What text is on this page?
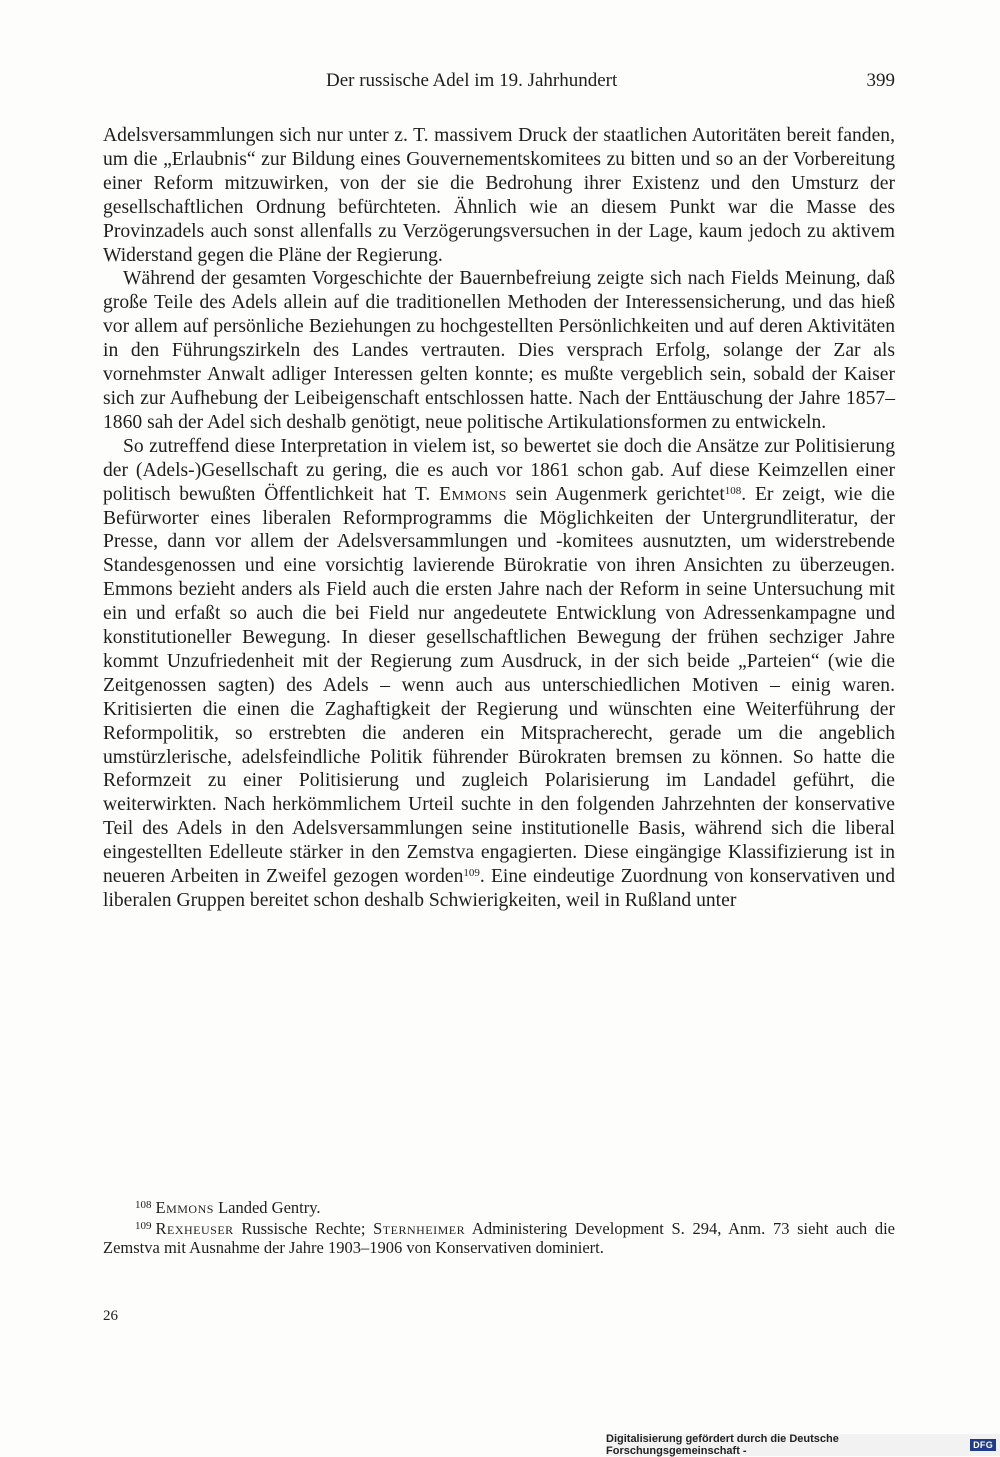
Der russische Adel im 19. Jahrhundert	399

Adelsversammlungen sich nur unter z. T. massivem Druck der staatlichen Autoritäten bereit fanden, um die „Erlaubnis“ zur Bildung eines Gouvernementskomitees zu bitten und so an der Vorbereitung einer Reform mitzuwirken, von der sie die Bedrohung ihrer Existenz und den Umsturz der gesellschaftlichen Ordnung befürchteten. Ähnlich wie an diesem Punkt war die Masse des Provinzadels auch sonst allenfalls zu Verzögerungsversuchen in der Lage, kaum jedoch zu aktivem Widerstand gegen die Pläne der Regierung.

Während der gesamten Vorgeschichte der Bauernbefreiung zeigte sich nach Fields Meinung, daß große Teile des Adels allein auf die traditionellen Methoden der Interessensicherung, und das hieß vor allem auf persönliche Beziehungen zu hochgestellten Persönlichkeiten und auf deren Aktivitäten in den Führungszirkeln des Landes vertrauten. Dies versprach Erfolg, solange der Zar als vornehmster Anwalt adliger Interessen gelten konnte; es mußte vergeblich sein, sobald der Kaiser sich zur Aufhebung der Leibeigenschaft entschlossen hatte. Nach der Enttäuschung der Jahre 1857–1860 sah der Adel sich deshalb genötigt, neue politische Artikulationsformen zu entwickeln.

So zutreffend diese Interpretation in vielem ist, so bewertet sie doch die Ansätze zur Politisierung der (Adels-)Gesellschaft zu gering, die es auch vor 1861 schon gab. Auf diese Keimzellen einer politisch bewußten Öffentlichkeit hat T. Emmons sein Augenmerk gerichtet$^{108}$. Er zeigt, wie die Befürworter eines liberalen Reformprogramms die Möglichkeiten der Untergrundliteratur, der Presse, dann vor allem der Adelsversammlungen und -komitees ausnutzten, um widerstrebende Standesgenossen und eine vorsichtig lavierende Bürokratie von ihren Ansichten zu überzeugen. Emmons bezieht anders als Field auch die ersten Jahre nach der Reform in seine Untersuchung mit ein und erfaßt so auch die bei Field nur angedeutete Entwicklung von Adressenkampagne und konstitutioneller Bewegung. In dieser gesellschaftlichen Bewegung der frühen sechziger Jahre kommt Unzufriedenheit mit der Regierung zum Ausdruck, in der sich beide „Parteien“ (wie die Zeitgenossen sagten) des Adels – wenn auch aus unterschiedlichen Motiven – einig waren. Kritisierten die einen die Zaghaftigkeit der Regierung und wünschten eine Weiterführung der Reformpolitik, so erstrebten die anderen ein Mitspracherecht, gerade um die angeblich umstürzlerische, adelsfeindliche Politik führender Bürokraten bremsen zu können. So hatte die Reformzeit zu einer Politisierung und zugleich Polarisierung im Landadel geführt, die weiterwirkten. Nach herkömmlichem Urteil suchte in den folgenden Jahrzehnten der konservative Teil des Adels in den Adelsversammlungen seine institutionelle Basis, während sich die liberal eingestellten Edelleute stärker in den Zemstva engagierten. Diese eingängige Klassifizierung ist in neueren Arbeiten in Zweifel gezogen worden$^{109}$. Eine eindeutige Zuordnung von konservativen und liberalen Gruppen bereitet schon deshalb Schwierigkeiten, weil in Rußland unter

$^{108}$ Emmons Landed Gentry.

$^{109}$ Rexheuser Russische Rechte; Sternheimer Administering Development S. 294, Anm. 73 sieht auch die Zemstva mit Ausnahme der Jahre 1903–1906 von Konservativen dominiert.

26
Digitalisierung gefördert durch die Deutsche Forschungsgemeinschaft -	DFG
